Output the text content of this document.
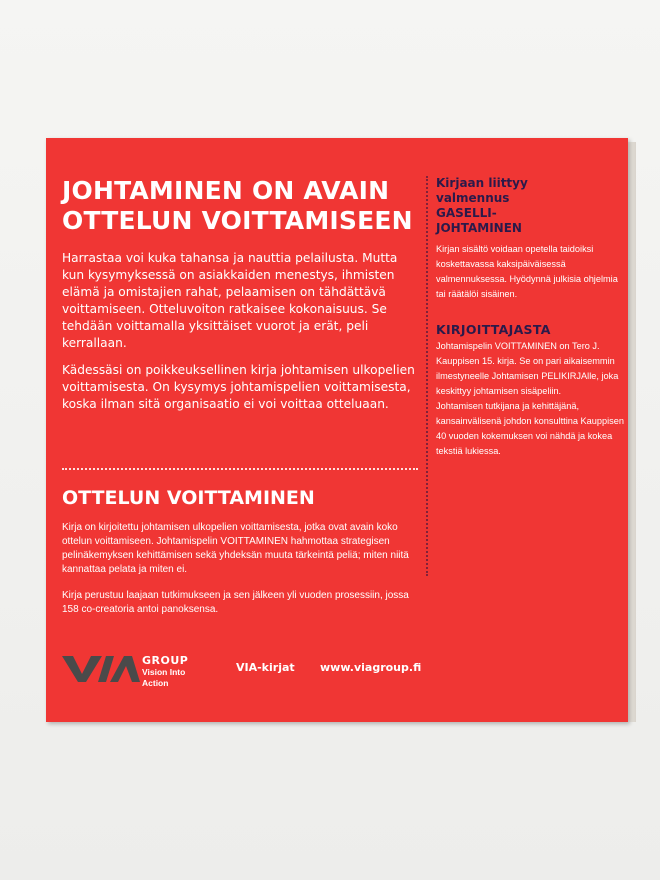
JOHTAMINEN ON AVAIN
OTTELUN VOITTAMISEEN

Harrastaa voi kuka tahansa ja nauttia pelailusta. Mutta kun kysymyksessä on asiakkaiden menestys, ihmisten elämä ja omistajien rahat, pelaamisen on tähdättävä voittamiseen. Otteluvoiton ratkaisee kokonaisuus. Se tehdään voittamalla yksittäiset vuorot ja erät, peli kerrallaan.

Kädessäsi on poikkeuksellinen kirja johtamisen ulkopelien voittamisesta. On kysymys johtamispelien voittamisesta, koska ilman sitä organisaatio ei voi voittaa otteluaan.

OTTELUN VOITTAMINEN

Kirja on kirjoitettu johtamisen ulkopelien voittamisesta, jotka ovat avain koko ottelun voittamiseen. Johtamispelin VOITTAMINEN hahmottaa strategisen pelinäkemyksen kehittämisen sekä yhdeksän muuta tärkeintä peliä; miten niitä kannattaa pelata ja miten ei.

Kirja perustuu laajaan tutkimukseen ja sen jälkeen yli vuoden prosessiin, jossa 158 co-creatoria antoi panoksensa.

GROUP
Vision Into Action
VIA-kirjat www.viagroup.fi
Kirjaan liittyy
valmennus
GASELLI-
JOHTAMINEN

Kirjan sisältö voidaan opetella taidoiksi koskettavassa kaksipäiväisessä valmennuksessa. Hyödynnä julkisia ohjelmia tai räätälöi sisäinen.

KIRJOITTAJASTA

Johtamispelin VOITTAMINEN on Tero J. Kauppisen 15. kirja. Se on pari aikaisemmin ilmestyneelle Johtamisen PELIKIRJAlle, joka keskittyy johtamisen sisäpeliin.

Johtamisen tutkijana ja kehittäjänä, kansainvälisenä johdon konsulttina Kauppisen 40 vuoden kokemuksen voi nähdä ja kokea tekstiä lukiessa.
